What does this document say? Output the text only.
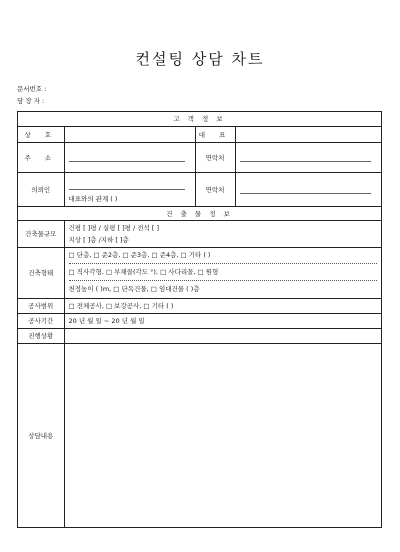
컨설팅 상담 차트
문서번호 :
담 장 자 :
고 객 정 보			
상 호		대 표	
주 소		연락처	

의뢰인	대표와의 관계 ( )	연락처	

건 출 물 정 보			
건축물규모	건평 [ ]평 / 실평 [ ]평 / 전석 [ ]
지상 [ ]층 /지하 [ ]층		

건축형태	□ 단층, □ 준2층, □ 준3층, □ 준4층, □ 기타 ( )
□ 직사각형, □ 부채꼴(각도 °), □ 사다리꼴, □ 원형
천정높이 ( )m, □ 단독건물, □ 임대건물 ( )층		

공사범위	□ 전체공사, □ 보강공사, □ 기타 ( )		
공사기간	20 년 월 일 ~ 20 년 월 일		
진행상황			
상담내용			
